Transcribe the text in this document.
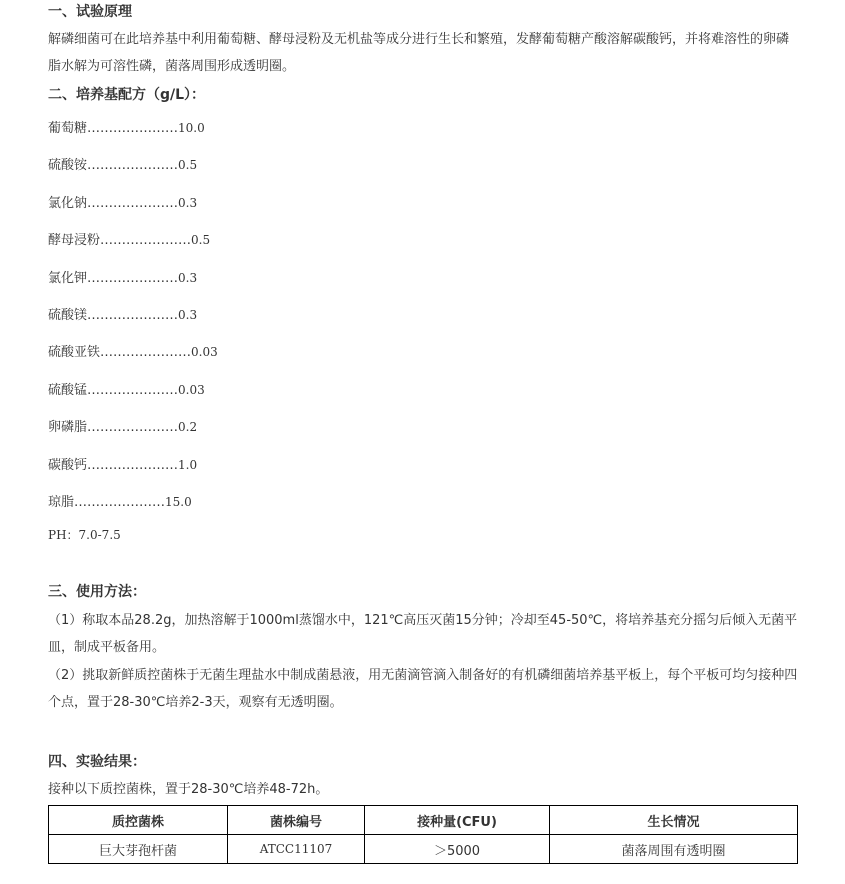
一、试验原理
解磷细菌可在此培养基中利用葡萄糖、酵母浸粉及无机盐等成分进行生长和繁殖，发酵葡萄糖产酸溶解碳酸钙，并将难溶性的卵磷脂水解为可溶性磷，菌落周围形成透明圈。
二、培养基配方（g/L）：
葡萄糖…………………10.0
硫酸铵…………………0.5
氯化钠…………………0.3
酵母浸粉…………………0.5
氯化钾…………………0.3
硫酸镁…………………0.3
硫酸亚铁…………………0.03
硫酸锰…………………0.03
卵磷脂…………………0.2
碳酸钙…………………1.0
琼脂…………………15.0
PH：7.0-7.5
三、使用方法：
（1）称取本品28.2g，加热溶解于1000ml蒸馏水中，121℃高压灭菌15分钟；冷却至45-50℃，将培养基充分摇匀后倾入无菌平皿，制成平板备用。
（2）挑取新鲜质控菌株于无菌生理盐水中制成菌悬液，用无菌滴管滴入制备好的有机磷细菌培养基平板上，每个平板可均匀接种四个点，置于28-30℃培养2-3天，观察有无透明圈。
四、实验结果：
接种以下质控菌株，置于28-30℃培养48-72h。
质控菌株	菌株编号	接种量(CFU)	生长情况
巨大芽孢杆菌	ATCC11107	＞5000	菌落周围有透明圈
